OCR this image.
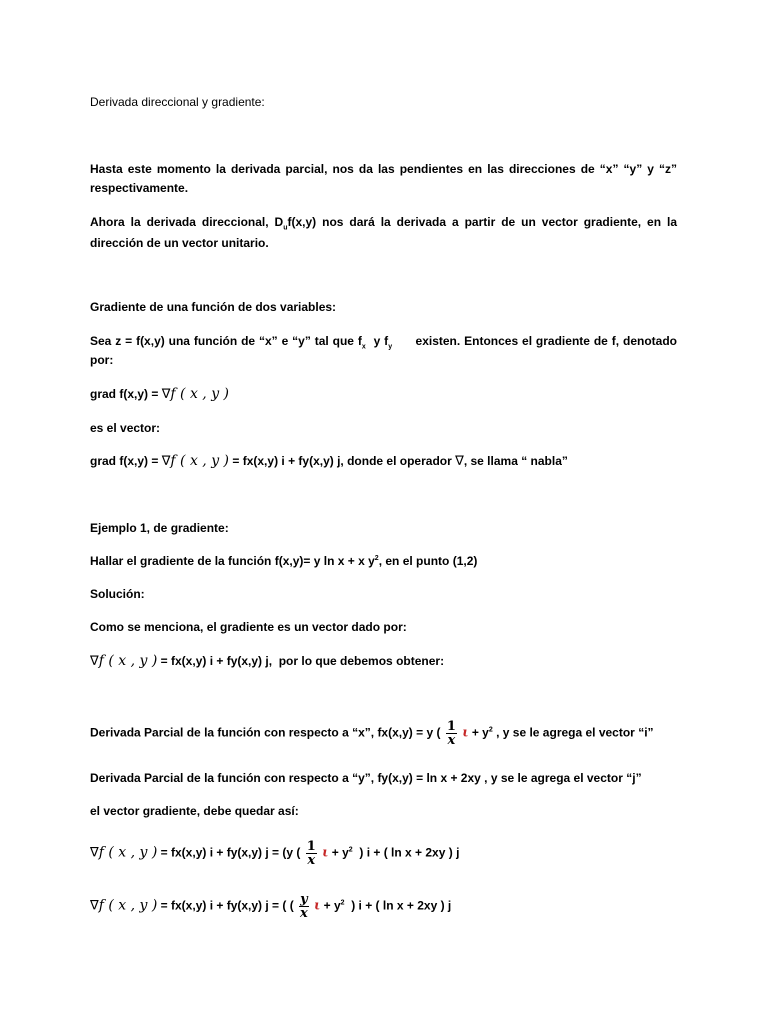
Derivada direccional y gradiente:
Hasta este momento la derivada parcial, nos da las pendientes en las direcciones de “x” “y” y “z”
respectivamente.
Ahora la derivada direccional, $D_uf(x,y)$ nos dará la derivada a partir de un vector gradiente, en la
dirección de un vector unitario.
Gradiente de una función de dos variables:
Sea z = f(x,y) una función de “x” e “y” tal que $f_x$ y $f_y$ existen. Entonces el gradiente de f, denotado
por:
grad f(x,y) = ∇f ( x , y )
es el vector:
grad f(x,y) = ∇f ( x , y ) = fx(x,y) i + fy(x,y) j, donde el operador ∇, se llama “ nabla”
Ejemplo 1, de gradiente:
Hallar el gradiente de la función f(x,y)= y ln x + x $y^2$, en el punto (1,2)
Solución:
Como se menciona, el gradiente es un vector dado por:
∇f ( x , y ) = fx(x,y) i + fy(x,y) j, por lo que debemos obtener:
Derivada Parcial de la función con respecto a “x”, fx(x,y) = y ( $\frac{1}{x}$ $\iota + y^2$ , y se le agrega el vector “i”
Derivada Parcial de la función con respecto a “y”, fy(x,y) = ln x + 2xy , y se le agrega el vector “j”
el vector gradiente, debe quedar así:
∇f ( x , y ) = fx(x,y) i + fy(x,y) j = (y ( $\frac{1}{x}$ $\iota + y^2$ ) i + ( ln x + 2xy ) j
∇f ( x , y ) = fx(x,y) i + fy(x,y) j = ( ( $\frac{y}{x}$ $\iota + y^2$ ) i + ( ln x + 2xy ) j
